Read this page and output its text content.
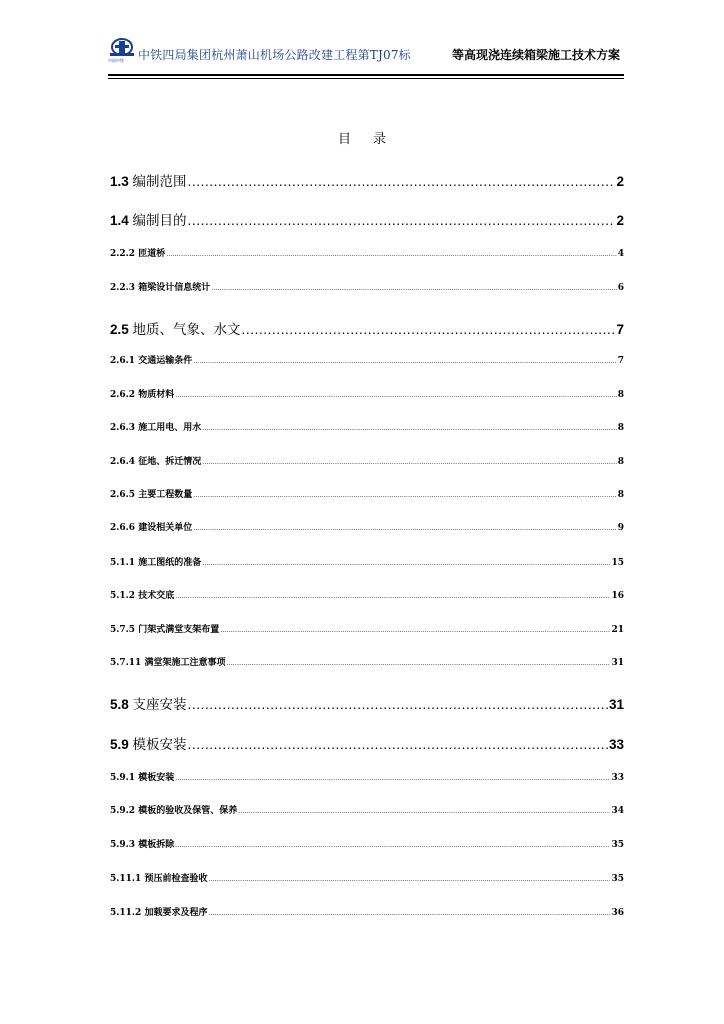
中国中铁 中铁四局集团杭州萧山机场公路改建工程第TJ07标	等高现浇连续箱梁施工技术方案
目录
1.3 编制范围 .....	2
1.4 编制目的 .....	2
2.2.2 匝道桥 .....	4
2.2.3 箱梁设计信息统计 .....	6
2.5 地质、气象、水文 .....	7
2.6.1 交通运输条件 .....	7
2.6.2 物质材料 .....	8
2.6.3 施工用电、用水 .....	8
2.6.4 征地、拆迁情况 .....	8
2.6.5 主要工程数量 .....	8
2.6.6 建设相关单位 .....	9
5.1.1 施工图纸的准备 .....	15
5.1.2 技术交底 .....	16
5.7.5 门架式满堂支架布置 .....	21
5.7.11 满堂架施工注意事项 .....	31
5.8 支座安装 .....	31
5.9 模板安装 .....	33
5.9.1 模板安装 .....	33
5.9.2 模板的验收及保管、保养 .....	34
5.9.3 模板拆除 .....	35
5.11.1 预压前检查验收 .....	35
5.11.2 加载要求及程序 .....	36
